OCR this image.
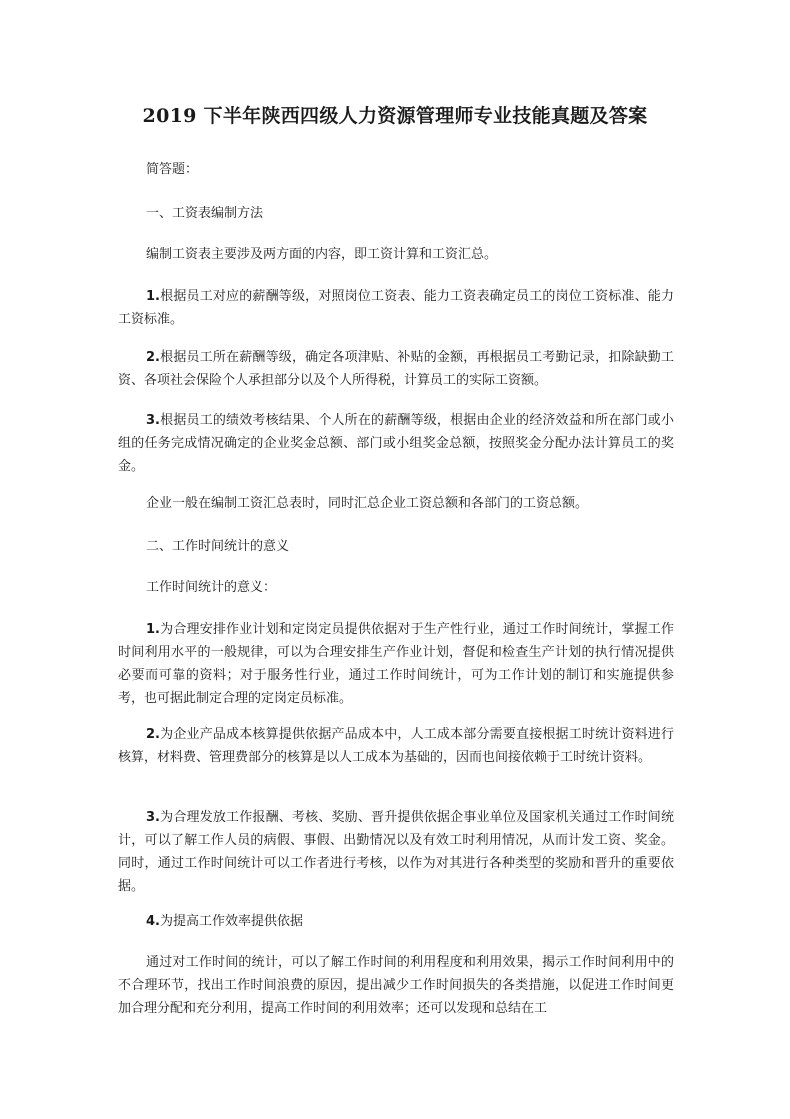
2019 下半年陕西四级人力资源管理师专业技能真题及答案

简答题：

一、工资表编制方法

编制工资表主要涉及两方面的内容，即工资计算和工资汇总。

1.根据员工对应的薪酬等级，对照岗位工资表、能力工资表确定员工的岗位工资标准、能力工资标准。

2.根据员工所在薪酬等级，确定各项津贴、补贴的金额，再根据员工考勤记录，扣除缺勤工资、各项社会保险个人承担部分以及个人所得税，计算员工的实际工资额。

3.根据员工的绩效考核结果、个人所在的薪酬等级，根据由企业的经济效益和所在部门或小组的任务完成情况确定的企业奖金总额、部门或小组奖金总额，按照奖金分配办法计算员工的奖金。

企业一般在编制工资汇总表时，同时汇总企业工资总额和各部门的工资总额。

二、工作时间统计的意义

工作时间统计的意义：

1.为合理安排作业计划和定岗定员提供依据对于生产性行业，通过工作时间统计，掌握工作时间利用水平的一般规律，可以为合理安排生产作业计划，督促和检查生产计划的执行情况提供必要而可靠的资料；对于服务性行业，通过工作时间统计，可为工作计划的制订和实施提供参考，也可据此制定合理的定岗定员标准。

2.为企业产品成本核算提供依据产品成本中，人工成本部分需要直接根据工时统计资料进行核算，材料费、管理费部分的核算是以人工成本为基础的，因而也间接依赖于工时统计资料。

3.为合理发放工作报酬、考核、奖励、晋升提供依据企事业单位及国家机关通过工作时间统计，可以了解工作人员的病假、事假、出勤情况以及有效工时利用情况，从而计发工资、奖金。同时，通过工作时间统计可以工作者进行考核，以作为对其进行各种类型的奖励和晋升的重要依据。

4.为提高工作效率提供依据

通过对工作时间的统计，可以了解工作时间的利用程度和利用效果，揭示工作时间利用中的不合理环节，找出工作时间浪费的原因，提出减少工作时间损失的各类措施，以促进工作时间更加合理分配和充分利用，提高工作时间的利用效率；还可以发现和总结在工
